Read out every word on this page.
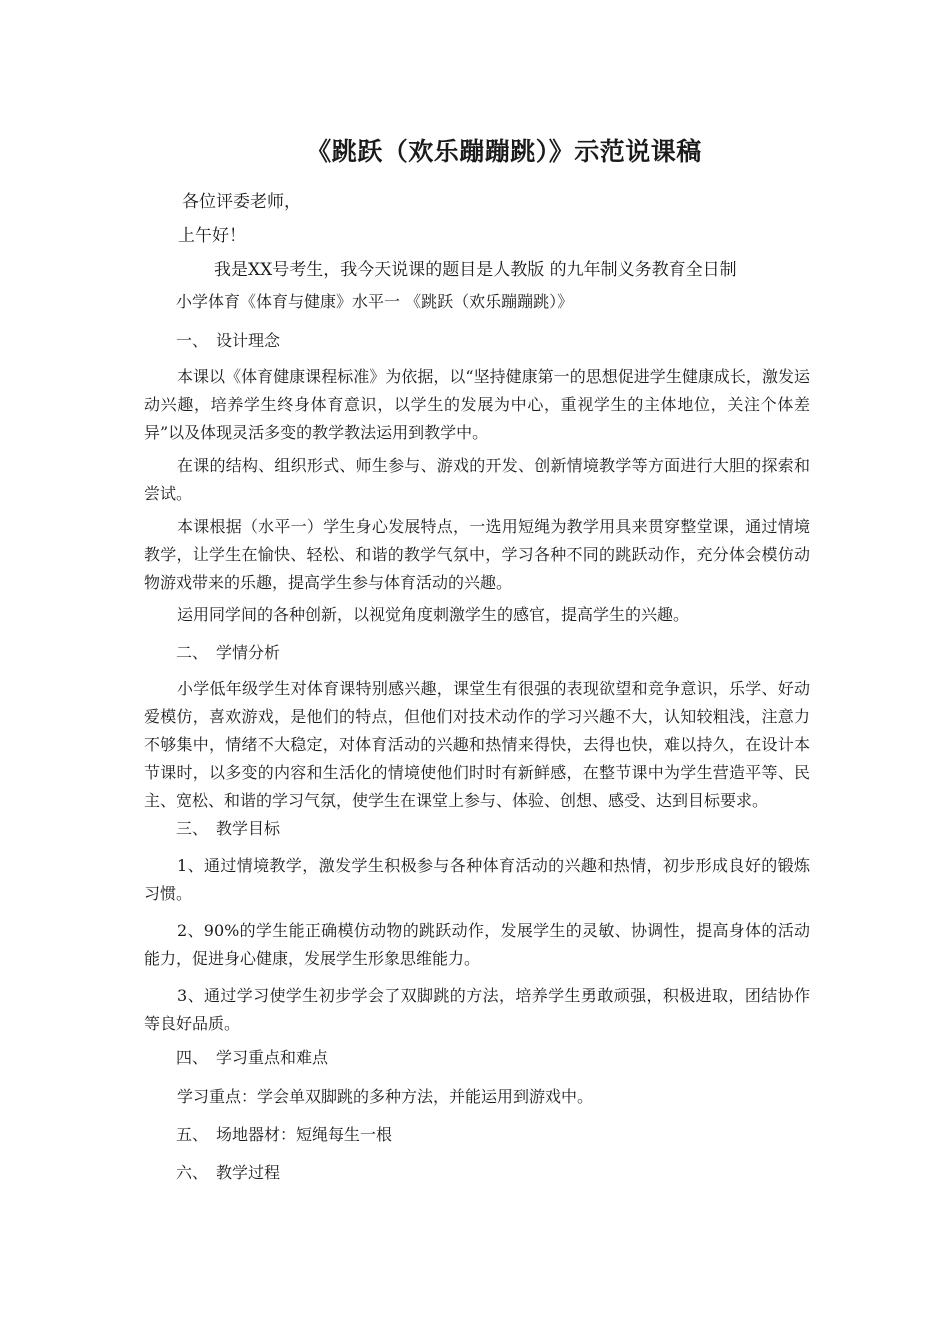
《跳跃（欢乐蹦蹦跳）》示范说课稿

各位评委老师，

上午好！

我是XX号考生，我今天说课的题目是人教版 的九年制义务教育全日制

小学体育《体育与健康》水平一 《跳跃（欢乐蹦蹦跳）》

一、 设计理念

本课以《体育健康课程标准》为依据，以“坚持健康第一的思想促进学生健康成长，激发运动兴趣，培养学生终身体育意识，以学生的发展为中心，重视学生的主体地位，关注个体差异”以及体现灵活多变的教学教法运用到教学中。

在课的结构、组织形式、师生参与、游戏的开发、创新情境教学等方面进行大胆的探索和尝试。

本课根据（水平一）学生身心发展特点，一选用短绳为教学用具来贯穿整堂课，通过情境教学，让学生在愉快、轻松、和谐的教学气氛中，学习各种不同的跳跃动作，充分体会模仿动物游戏带来的乐趣，提高学生参与体育活动的兴趣。

运用同学间的各种创新，以视觉角度刺激学生的感官，提高学生的兴趣。

二、 学情分析

小学低年级学生对体育课特别感兴趣，课堂生有很强的表现欲望和竞争意识，乐学、好动爱模仿，喜欢游戏，是他们的特点，但他们对技术动作的学习兴趣不大，认知较粗浅，注意力不够集中，情绪不大稳定，对体育活动的兴趣和热情来得快，去得也快，难以持久，在设计本节课时，以多变的内容和生活化的情境使他们时时有新鲜感，在整节课中为学生营造平等、民主、宽松、和谐的学习气氛，使学生在课堂上参与、体验、创想、感受、达到目标要求。

三、 教学目标

1、通过情境教学，激发学生积极参与各种体育活动的兴趣和热情，初步形成良好的锻炼习惯。

2、90%的学生能正确模仿动物的跳跃动作，发展学生的灵敏、协调性，提高身体的活动能力，促进身心健康，发展学生形象思维能力。

3、通过学习使学生初步学会了双脚跳的方法，培养学生勇敢顽强，积极进取，团结协作等良好品质。

四、 学习重点和难点

学习重点：学会单双脚跳的多种方法，并能运用到游戏中。

五、 场地器材：短绳每生一根

六、 教学过程
